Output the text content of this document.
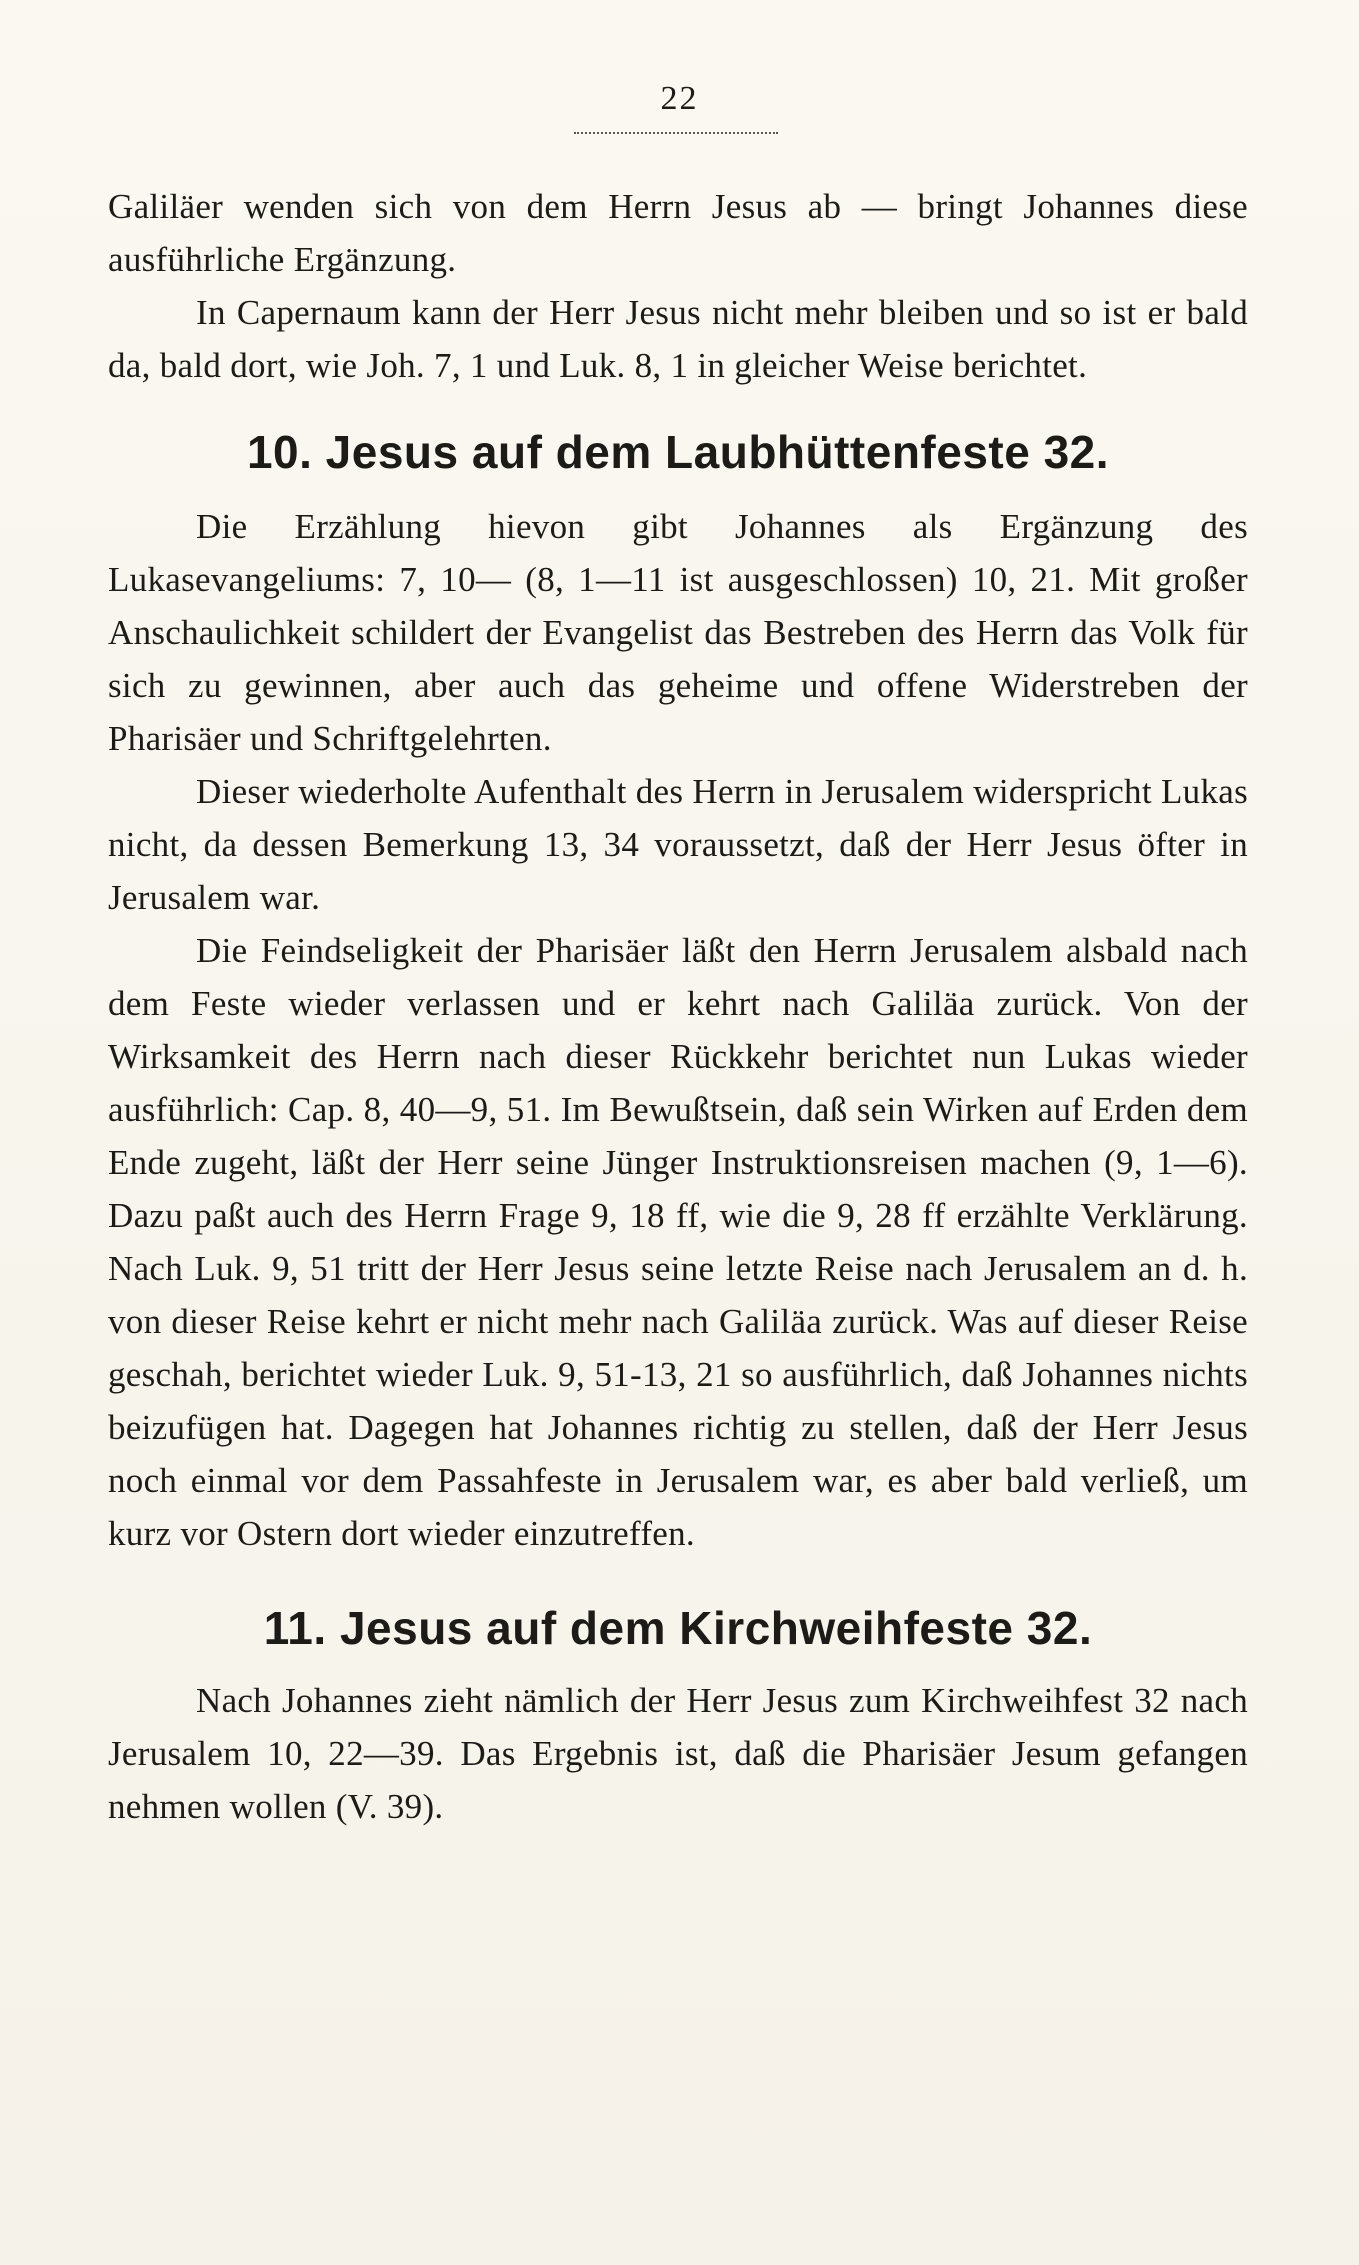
22

Galiläer wenden sich von dem Herrn Jesus ab — bringt Johannes diese ausführliche Ergänzung.

In Capernaum kann der Herr Jesus nicht mehr bleiben und so ist er bald da, bald dort, wie Joh. 7, 1 und Luk. 8, 1 in gleicher Weise berichtet.

10. Jesus auf dem Laubhüttenfeste 32.

Die Erzählung hievon gibt Johannes als Ergänzung des Lukasevangeliums: 7, 10— (8, 1—11 ist ausgeschlossen) 10, 21. Mit großer Anschaulichkeit schildert der Evangelist das Bestreben des Herrn das Volk für sich zu gewinnen, aber auch das geheime und offene Widerstreben der Pharisäer und Schriftgelehrten.

Dieser wiederholte Aufenthalt des Herrn in Jerusalem widerspricht Lukas nicht, da dessen Bemerkung 13, 34 voraussetzt, daß der Herr Jesus öfter in Jerusalem war.

Die Feindseligkeit der Pharisäer läßt den Herrn Jerusalem alsbald nach dem Feste wieder verlassen und er kehrt nach Galiläa zurück. Von der Wirksamkeit des Herrn nach dieser Rückkehr berichtet nun Lukas wieder ausführlich: Cap. 8, 40—9, 51. Im Bewußtsein, daß sein Wirken auf Erden dem Ende zugeht, läßt der Herr seine Jünger Instruktionsreisen machen (9, 1—6). Dazu paßt auch des Herrn Frage 9, 18 ff, wie die 9, 28 ff erzählte Verklärung. Nach Luk. 9, 51 tritt der Herr Jesus seine letzte Reise nach Jerusalem an d. h. von dieser Reise kehrt er nicht mehr nach Galiläa zurück. Was auf dieser Reise geschah, berichtet wieder Luk. 9, 51-13, 21 so ausführlich, daß Johannes nichts beizufügen hat. Dagegen hat Johannes richtig zu stellen, daß der Herr Jesus noch einmal vor dem Passahfeste in Jerusalem war, es aber bald verließ, um kurz vor Ostern dort wieder einzutreffen.

11. Jesus auf dem Kirchweihfeste 32.

Nach Johannes zieht nämlich der Herr Jesus zum Kirchweihfest 32 nach Jerusalem 10, 22—39. Das Ergebnis ist, daß die Pharisäer Jesum gefangen nehmen wollen (V. 39).
